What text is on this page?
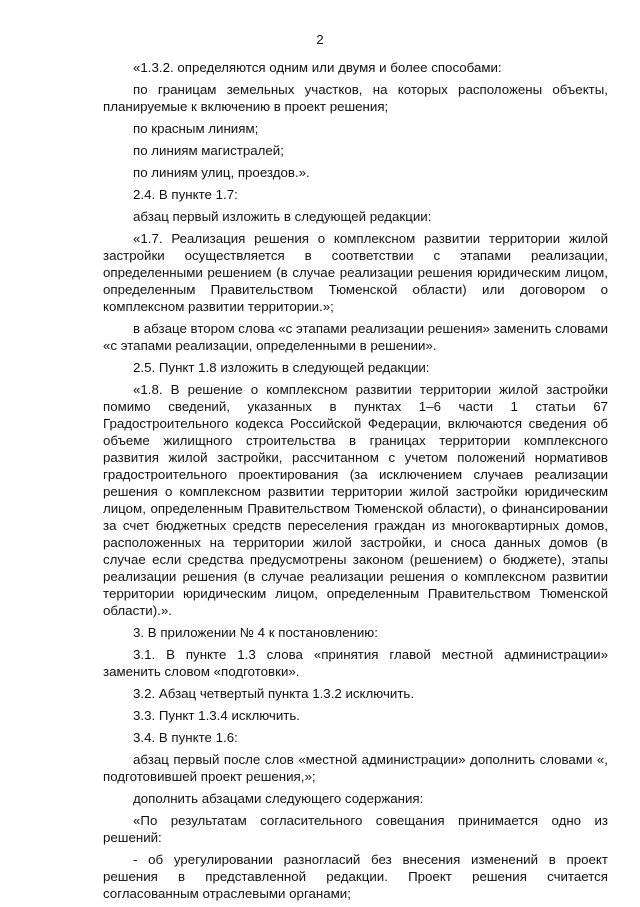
2

«1.3.2. определяются одним или двумя и более способами:

по границам земельных участков, на которых расположены объекты, планируемые к включению в проект решения;

по красным линиям;

по линиям магистралей;

по линиям улиц, проездов.».

2.4. В пункте 1.7:

абзац первый изложить в следующей редакции:

«1.7. Реализация решения о комплексном развитии территории жилой застройки осуществляется в соответствии с этапами реализации, определенными решением (в случае реализации решения юридическим лицом, определенным Правительством Тюменской области) или договором о комплексном развитии территории.»;

в абзаце втором слова «с этапами реализации решения» заменить словами «с этапами реализации, определенными в решении».

2.5. Пункт 1.8 изложить в следующей редакции:

«1.8. В решение о комплексном развитии территории жилой застройки помимо сведений, указанных в пунктах 1–6 части 1 статьи 67 Градостроительного кодекса Российской Федерации, включаются сведения об объеме жилищного строительства в границах территории комплексного развития жилой застройки, рассчитанном с учетом положений нормативов градостроительного проектирования (за исключением случаев реализации решения о комплексном развитии территории жилой застройки юридическим лицом, определенным Правительством Тюменской области), о финансировании за счет бюджетных средств переселения граждан из многоквартирных домов, расположенных на территории жилой застройки, и сноса данных домов (в случае если средства предусмотрены законом (решением) о бюджете), этапы реализации решения (в случае реализации решения о комплексном развитии территории юридическим лицом, определенным Правительством Тюменской области).».

3. В приложении № 4 к постановлению:

3.1. В пункте 1.3 слова «принятия главой местной администрации» заменить словом «подготовки».

3.2. Абзац четвертый пункта 1.3.2 исключить.

3.3. Пункт 1.3.4 исключить.

3.4. В пункте 1.6:

абзац первый после слов «местной администрации» дополнить словами «, подготовившей проект решения,»;

дополнить абзацами следующего содержания:

«По результатам согласительного совещания принимается одно из решений:

- об урегулировании разногласий без внесения изменений в проект решения в представленной редакции. Проект решения считается согласованным отраслевыми органами;
